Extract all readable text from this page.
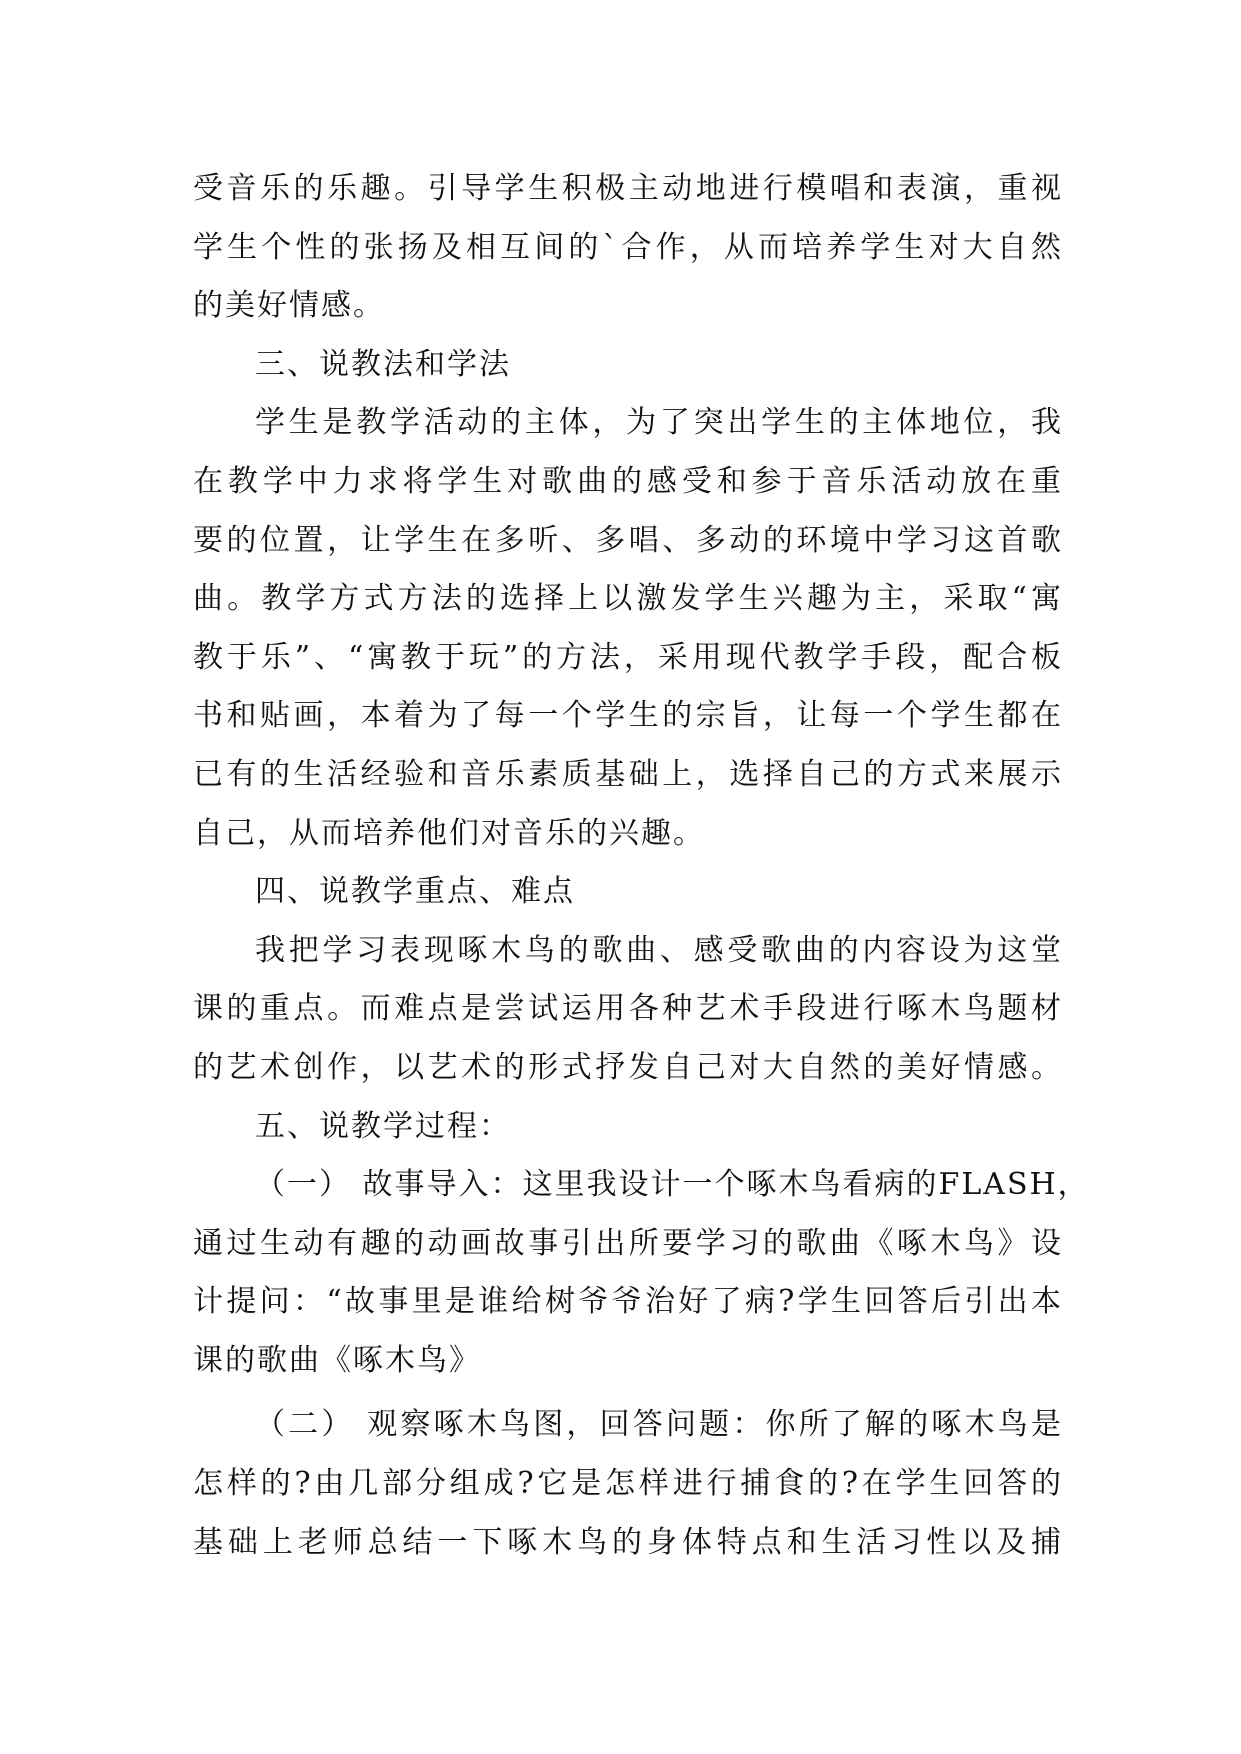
受音乐的乐趣。引导学生积极主动地进行模唱和表演，重视
学生个性的张扬及相互间的`合作，从而培养学生对大自然
的美好情感。
三、说教法和学法
学生是教学活动的主体，为了突出学生的主体地位，我
在教学中力求将学生对歌曲的感受和参于音乐活动放在重
要的位置，让学生在多听、多唱、多动的环境中学习这首歌
曲。教学方式方法的选择上以激发学生兴趣为主，采取“寓
教于乐”、“寓教于玩”的方法，采用现代教学手段，配合板
书和贴画，本着为了每一个学生的宗旨，让每一个学生都在
已有的生活经验和音乐素质基础上，选择自己的方式来展示
自己，从而培养他们对音乐的兴趣。
四、说教学重点、难点
我把学习表现啄木鸟的歌曲、感受歌曲的内容设为这堂
课的重点。而难点是尝试运用各种艺术手段进行啄木鸟题材
的艺术创作，以艺术的形式抒发自己对大自然的美好情感。
五、说教学过程：
（一） 故事导入：这里我设计一个啄木鸟看病的FLASH，
通过生动有趣的动画故事引出所要学习的歌曲《啄木鸟》设
计提问：“故事里是谁给树爷爷治好了病?学生回答后引出本
课的歌曲《啄木鸟》
（二） 观察啄木鸟图，回答问题：你所了解的啄木鸟是
怎样的?由几部分组成?它是怎样进行捕食的?在学生回答的
基础上老师总结一下啄木鸟的身体特点和生活习性以及捕
